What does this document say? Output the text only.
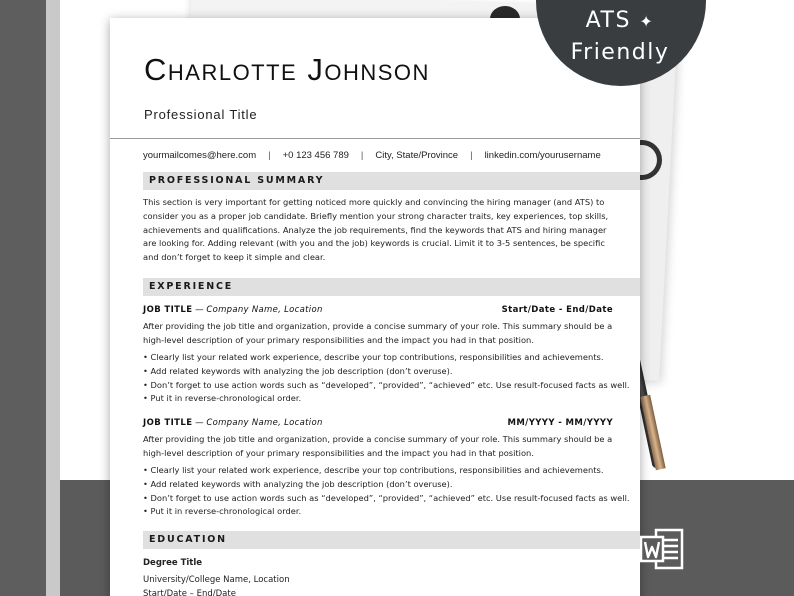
Charlotte Johnson
Professional Title
yourmailcomes@here.com | +0 123 456 789 | City, State/Province | linkedin.com/yourusername
PROFESSIONAL SUMMARY
This section is very important for getting noticed more quickly and convincing the hiring manager (and ATS) to consider you as a proper job candidate. Briefly mention your strong character traits, key experiences, top skills, achievements and qualifications. Analyze the job requirements, find the keywords that ATS and hiring manager are looking for. Adding relevant (with you and the job) keywords is crucial. Limit it to 3-5 sentences, be specific and don’t forget to keep it simple and clear.
EXPERIENCE
JOB TITLE — Company Name, Location	Start/Date - End/Date
After providing the job title and organization, provide a concise summary of your role. This summary should be a high-level description of your primary responsibilities and the impact you had in that position.
• Clearly list your related work experience, describe your top contributions, responsibilities and achievements.
• Add related keywords with analyzing the job description (don’t overuse).
• Don’t forget to use action words such as “developed”, “provided”, “achieved” etc. Use result-focused facts as well.
• Put it in reverse-chronological order.
JOB TITLE — Company Name, Location	MM/YYYY - MM/YYYY
After providing the job title and organization, provide a concise summary of your role. This summary should be a high-level description of your primary responsibilities and the impact you had in that position.
• Clearly list your related work experience, describe your top contributions, responsibilities and achievements.
• Add related keywords with analyzing the job description (don’t overuse).
• Don’t forget to use action words such as “developed”, “provided”, “achieved” etc. Use result-focused facts as well.
• Put it in reverse-chronological order.
EDUCATION
Degree Title
University/College Name, Location
Start/Date – End/Date
ATS ✦
Friendly
